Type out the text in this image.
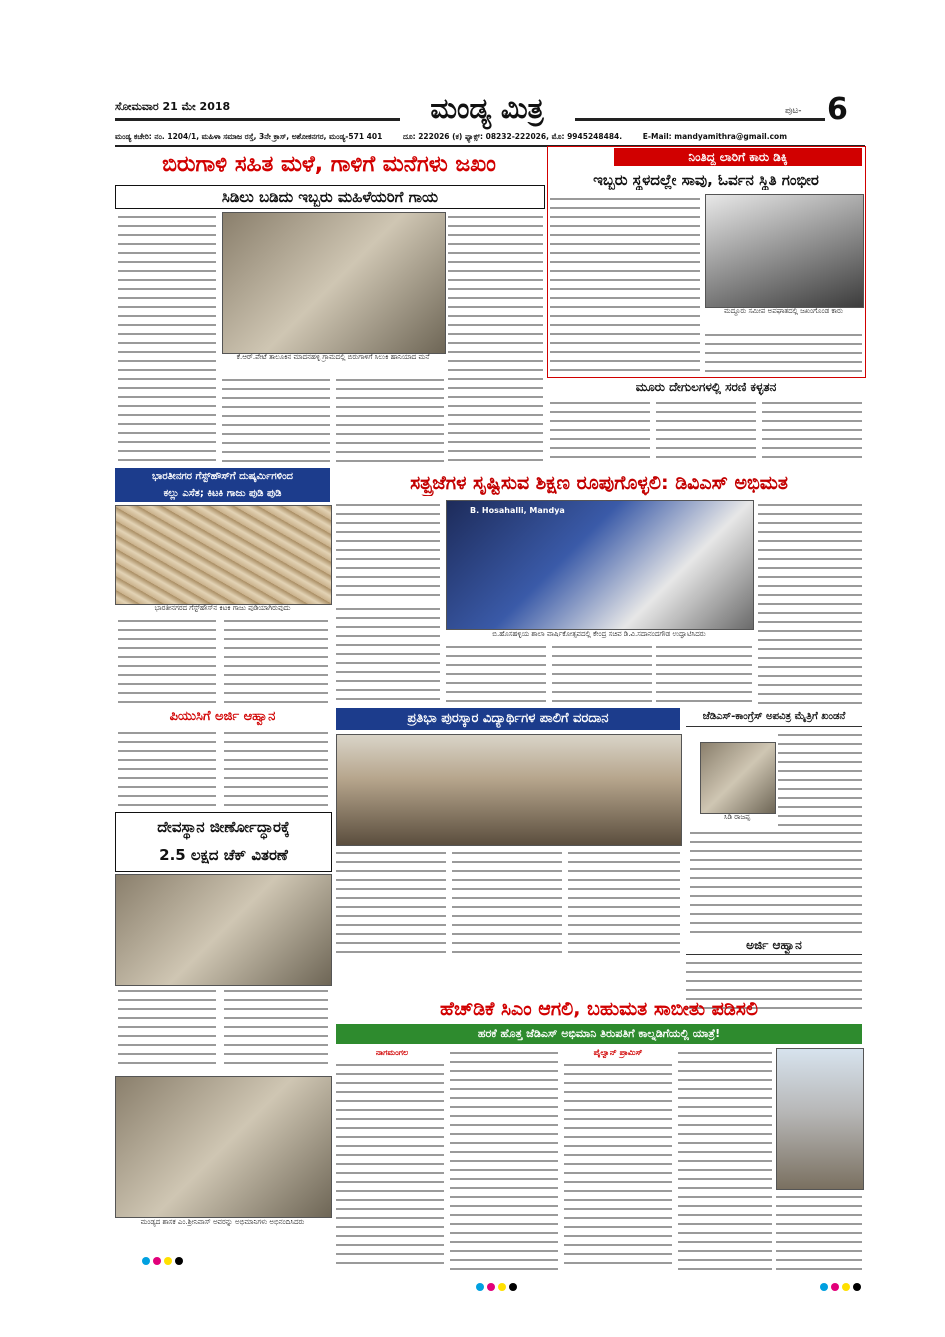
ಸೋಮವಾರ 21 ಮೇ 2018	ಮಂಡ್ಯ ಮಿತ್ರ	ಪುಟ- 6
ಮಂಡ್ಯ ಕಚೇರಿ: ನಂ. 1204/1, ಮಹಿಳಾ ಸಮಾಜ ರಸ್ತೆ, 3ನೇ ಕ್ರಾಸ್, ಅಶೋಕನಗರ, ಮಂಡ್ಯ-571 401	ದೂ: 222026 (ಕ) ಫ್ಯಾಕ್ಸ್: 08232-222026, ಮೊ: 9945248484.	E-Mail: mandyamithra@gmail.com
ಬಿರುಗಾಳಿ ಸಹಿತ ಮಳೆ, ಗಾಳಿಗೆ ಮನೆಗಳು ಜಖಂ
ಸಿಡಿಲು ಬಡಿದು ಇಬ್ಬರು ಮಹಿಳೆಯರಿಗೆ ಗಾಯ
ಕೆ.ಆರ್.ಪೇಟೆ ತಾಲೂಕಿನ ಮಾದನಹಳ್ಳಿ ಗ್ರಾಮದಲ್ಲಿ ಬಿರುಗಾಳಿಗೆ ಸಿಲುಕಿ ಹಾನಿಯಾದ ಮನೆ
ನಿಂತಿದ್ದ ಲಾರಿಗೆ ಕಾರು ಡಿಕ್ಕಿ
ಇಬ್ಬರು ಸ್ಥಳದಲ್ಲೇ ಸಾವು, ಓರ್ವನ ಸ್ಥಿತಿ ಗಂಭೀರ
ಮದ್ದೂರು ಸಮೀಪ ಅಪಘಾತದಲ್ಲಿ ಜಖಂಗೊಂಡ ಕಾರು
ಮೂರು ದೇಗುಲಗಳಲ್ಲಿ ಸರಣಿ ಕಳ್ಳತನ
ಭಾರತೀನಗರ ಗೆಸ್ಟ್‌ಹೌಸ್‌ಗೆ ದುಷ್ಕರ್ಮಿಗಳಿಂದ
ಕಲ್ಲು ಎಸೆತ; ಕಿಟಕಿ ಗಾಜು ಪುಡಿ ಪುಡಿ
ಭಾರತೀನಗರದ ಗೆಸ್ಟ್‌ಹೌಸ್‌ನ ಕಿಟಕಿ ಗಾಜು ಪುಡಿಯಾಗಿರುವುದು
ಸತ್ಪ್ರಜೆಗಳ ಸೃಷ್ಟಿಸುವ ಶಿಕ್ಷಣ ರೂಪುಗೊಳ್ಳಲಿ: ಡಿವಿಎಸ್ ಅಭಿಮತ
B. Hosahalli, Mandya
ಬಿ.ಹೊಸಹಳ್ಳಿಯ ಶಾಲಾ ವಾರ್ಷಿಕೋತ್ಸವದಲ್ಲಿ ಕೇಂದ್ರ ಸಚಿವ ಡಿ.ವಿ.ಸದಾನಂದಗೌಡ ಉದ್ಘಾಟಿಸಿದರು
ಪಿಯುಸಿಗೆ ಅರ್ಜಿ ಆಹ್ವಾನ	ಪ್ರತಿಭಾ ಪುರಸ್ಕಾರ ವಿದ್ಯಾರ್ಥಿಗಳ ಪಾಲಿಗೆ ವರದಾನ	ಜೆಡಿಎಸ್-ಕಾಂಗ್ರೆಸ್ ಅಪವಿತ್ರ ಮೈತ್ರಿಗೆ ಖಂಡನೆ
ಸಿಡಿ ರಾಜಪ್ಪ
ದೇವಸ್ಥಾನ ಜೀರ್ಣೋದ್ಧಾರಕ್ಕೆ
2.5 ಲಕ್ಷದ ಚೆಕ್ ವಿತರಣೆ
ಅರ್ಜಿ ಆಹ್ವಾನ
ಹೆಚ್‌ಡಿಕೆ ಸಿಎಂ ಆಗಲಿ, ಬಹುಮತ ಸಾಬೀತು ಪಡಿಸಲಿ
ಹರಕೆ ಹೊತ್ತ ಜೆಡಿಎಸ್ ಅಭಿಮಾನಿ ತಿರುಪತಿಗೆ ಕಾಲ್ನಡಿಗೆಯಲ್ಲಿ ಯಾತ್ರೆ!
ನಾಗಮಂಗಲ	ಪೈಲ್ವಾನ್ ಪ್ರಾಮಿಸ್
ಮಂಡ್ಯದ ಶಾಸಕ ಎಂ.ಶ್ರೀನಿವಾಸ್ ಅವರನ್ನು ಅಭಿಮಾನಿಗಳು ಅಭಿನಂದಿಸಿದರು
